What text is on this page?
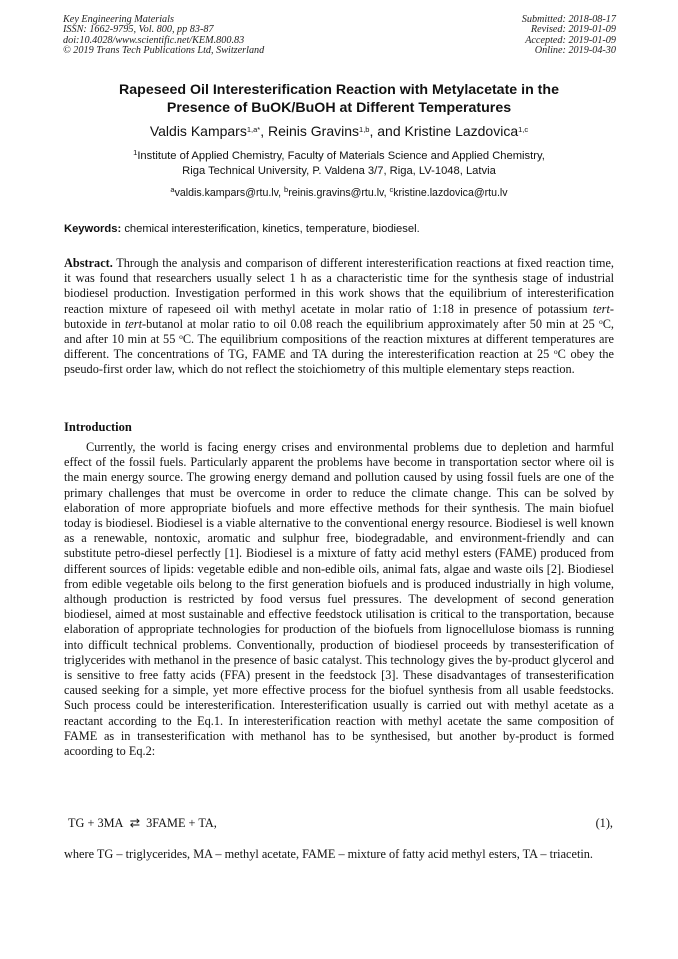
Key Engineering Materials
ISSN: 1662-9795, Vol. 800, pp 83-87
doi:10.4028/www.scientific.net/KEM.800.83
© 2019 Trans Tech Publications Ltd, Switzerland
Submitted: 2018-08-17
Revised: 2019-01-09
Accepted: 2019-01-09
Online: 2019-04-30
Rapeseed Oil Interesterification Reaction with Metylacetate in the
Presence of BuOK/BuOH at Different Temperatures
Valdis Kampars$^{1,a*}$, Reinis Gravins$^{1,b}$, and Kristine Lazdovica$^{1,c}$
$^1$Institute of Applied Chemistry, Faculty of Materials Science and Applied Chemistry,
Riga Technical University, P. Valdena 3/7, Riga, LV-1048, Latvia
$^a$valdis.kampars@rtu.lv, $^b$reinis.gravins@rtu.lv, $^c$kristine.lazdovica@rtu.lv
Keywords: chemical interesterification, kinetics, temperature, biodiesel.
Abstract. Through the analysis and comparison of different interesterification reactions at fixed reaction time, it was found that researchers usually select 1 h as a characteristic time for the synthesis stage of industrial biodiesel production. Investigation performed in this work shows that the equilibrium of interesterification reaction mixture of rapeseed oil with methyl acetate in molar ratio of 1:18 in presence of potassium tert-butoxide in tert-butanol at molar ratio to oil 0.08 reach the equilibrium approximately after 50 min at 25 $^o$C, and after 10 min at 55 $^o$C. The equilibrium compositions of the reaction mixtures at different temperatures are different. The concentrations of TG, FAME and TA during the interesterification reaction at 25 $^o$C obey the pseudo-first order law, which do not reflect the stoichiometry of this multiple elementary steps reaction.
Introduction
Currently, the world is facing energy crises and environmental problems due to depletion and harmful effect of the fossil fuels. Particularly apparent the problems have become in transportation sector where oil is the main energy source. The growing energy demand and pollution caused by using fossil fuels are one of the primary challenges that must be overcome in order to reduce the climate change. This can be solved by elaboration of more appropriate biofuels and more effective methods for their synthesis. The main biofuel today is biodiesel. Biodiesel is a viable alternative to the conventional energy resource. Biodiesel is well known as a renewable, nontoxic, aromatic and sulphur free, biodegradable, and environment-friendly and can substitute petro-diesel perfectly [1]. Biodiesel is a mixture of fatty acid methyl esters (FAME) produced from different sources of lipids: vegetable edible and non-edible oils, animal fats, algae and waste oils [2]. Biodiesel from edible vegetable oils belong to the first generation biofuels and is produced industrially in high volume, although production is restricted by food versus fuel pressures. The development of second generation biodiesel, aimed at most sustainable and effective feedstock utilisation is critical to the transportation, because elaboration of appropriate technologies for production of the biofuels from lignocellulose biomass is running into difficult technical problems. Conventionally, production of biodiesel proceeds by transesterification of triglycerides with methanol in the presence of basic catalyst. This technology gives the by-product glycerol and is sensitive to free fatty acids (FFA) present in the feedstock [3]. These disadvantages of transesterification caused seeking for a simple, yet more effective process for the biofuel synthesis from all usable feedstocks. Such process could be interesterification. Interesterification usually is carried out with methyl acetate as a reactant according to the Eq.1. In interesterification reaction with methyl acetate the same composition of FAME as in transesterification with methanol has to be synthesised, but another by-product is formed acoording to Eq.2:
TG + 3MA ⇄ 3FAME + TA,	(1),
where TG – triglycerides, MA – methyl acetate, FAME – mixture of fatty acid methyl esters, TA – triacetin.
